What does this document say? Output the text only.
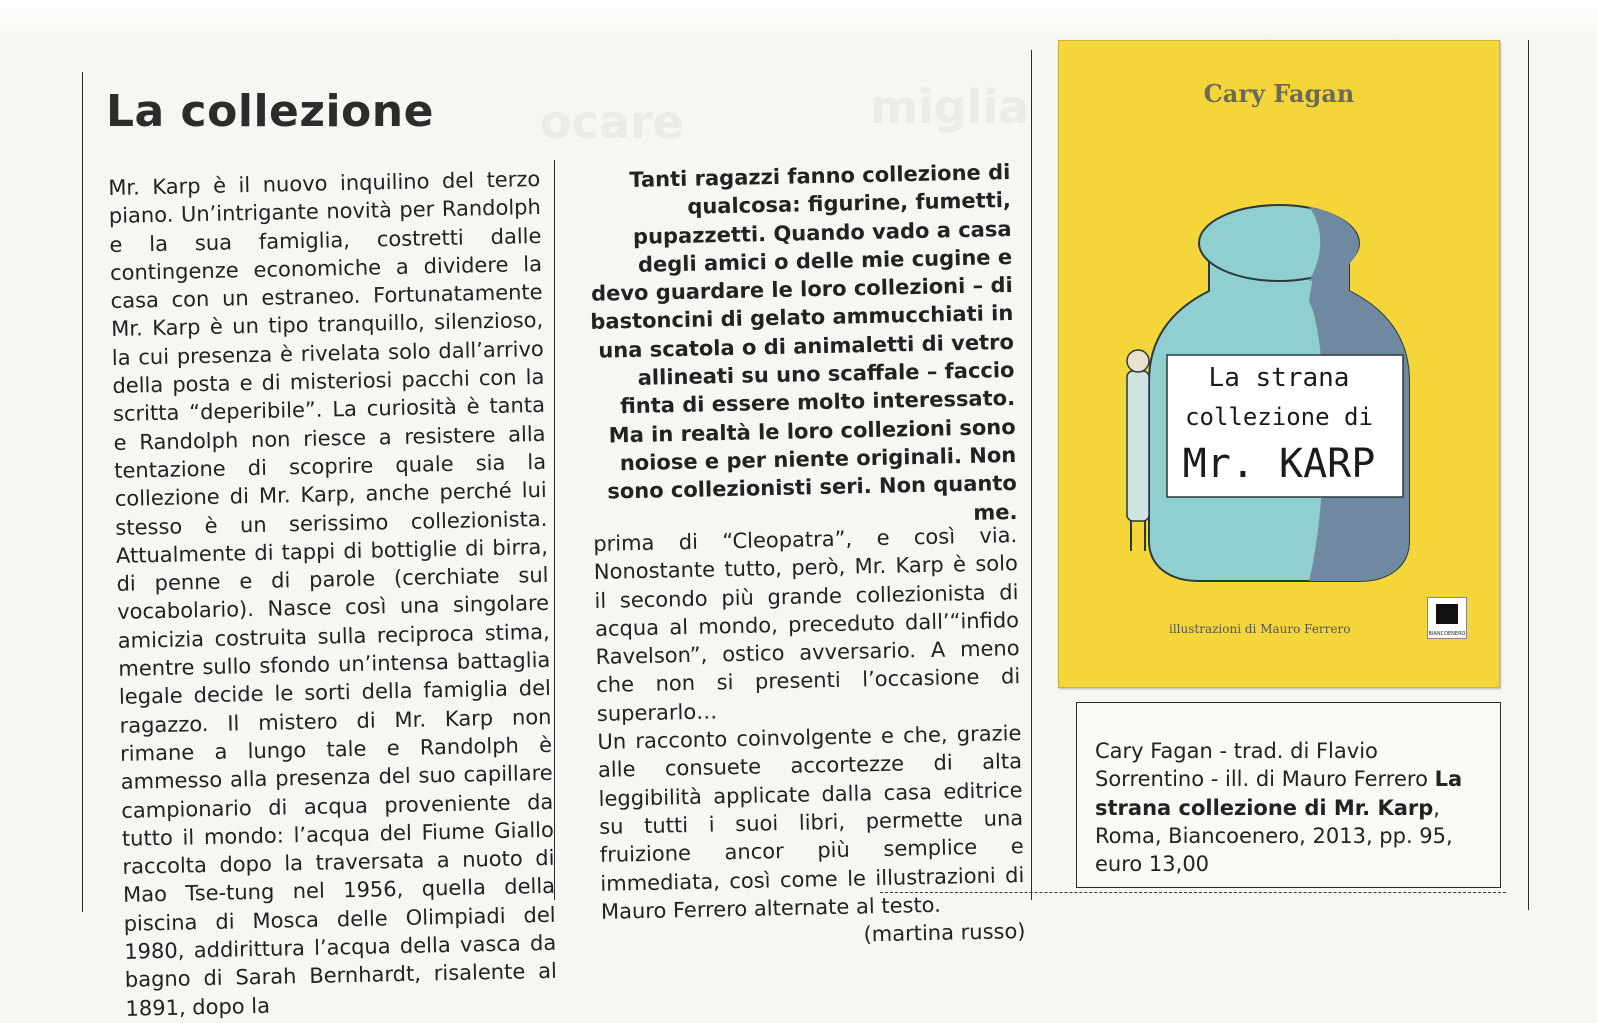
ocare	miglia
La collezione

Mr. Karp è il nuovo inquilino del terzo piano. Un’intrigante novità per Randolph e la sua famiglia, costretti dalle contingenze economiche a dividere la casa con un estraneo. Fortunatamente Mr. Karp è un tipo tranquillo, silenzioso, la cui presenza è rivelata solo dall’arrivo della posta e di misteriosi pacchi con la scritta “deperibile”. La curiosità è tanta e Randolph non riesce a resistere alla tentazione di scoprire quale sia la collezione di Mr. Karp, anche perché lui stesso è un serissimo collezionista. Attualmente di tappi di bottiglie di birra, di penne e di parole (cerchiate sul vocabolario). Nasce così una singolare amicizia costruita sulla reciproca stima, mentre sullo sfondo un’intensa battaglia legale decide le sorti della famiglia del ragazzo. Il mistero di Mr. Karp non rimane a lungo tale e Randolph è ammesso alla presenza del suo capillare campionario di acqua proveniente da tutto il mondo: l’acqua del Fiume Giallo raccolta dopo la traversata a nuoto di Mao Tse-tung nel 1956, quella della piscina di Mosca delle Olimpiadi del 1980, addirittura l’acqua della vasca da bagno di Sarah Bernhardt, risalente al 1891, dopo la

Tanti ragazzi fanno collezione di qualcosa: figurine, fumetti, pupazzetti. Quando vado a casa degli amici o delle mie cugine e devo guardare le loro collezioni – di bastoncini di gelato ammucchiati in una scatola o di animaletti di vetro allineati su uno scaffale – faccio finta di essere molto interessato. Ma in realtà le loro collezioni sono noiose e per niente originali. Non sono collezionisti seri. Non quanto me.

prima di “Cleopatra”, e così via. Nonostante tutto, però, Mr. Karp è solo il secondo più grande collezionista di acqua al mondo, preceduto dall’“infido Ravelson”, ostico avversario. A meno che non si presenti l’occasione di superarlo…

Un racconto coinvolgente e che, grazie alle consuete accortezze di alta leggibilità applicate dalla casa editrice su tutti i suoi libri, permette una fruizione ancor più semplice e immediata, così come le illustrazioni di Mauro Ferrero alternate al testo.

(martina russo)

Cary Fagan
La strana
collezione di
Mr. KARP
illustrazioni di Mauro Ferrero	BIANCOENERO
Cary Fagan - trad. di Flavio Sorrentino - ill. di Mauro Ferrero La strana collezione di Mr. Karp, Roma, Biancoenero, 2013, pp. 95, euro 13,00
